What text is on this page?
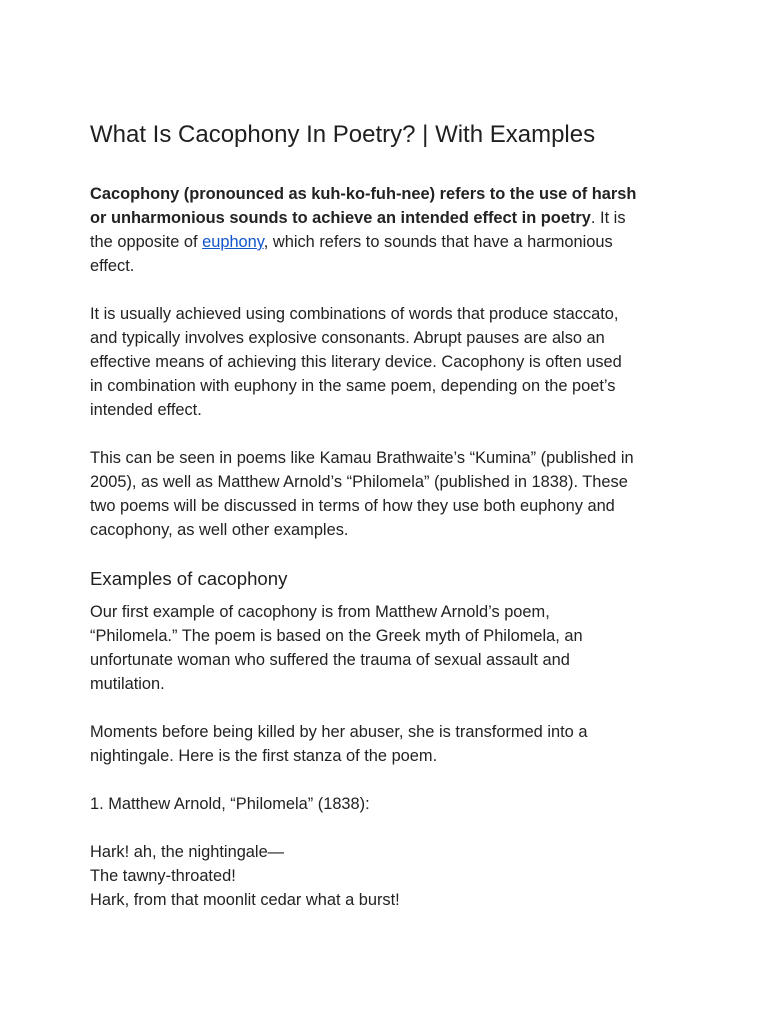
What Is Cacophony In Poetry? | With Examples

Cacophony (pronounced as kuh-ko-fuh-nee) refers to the use of harsh
or unharmonious sounds to achieve an intended effect in poetry. It is
the opposite of euphony, which refers to sounds that have a harmonious
effect.

It is usually achieved using combinations of words that produce staccato,
and typically involves explosive consonants. Abrupt pauses are also an
effective means of achieving this literary device. Cacophony is often used
in combination with euphony in the same poem, depending on the poet’s
intended effect.

This can be seen in poems like Kamau Brathwaite’s “Kumina” (published in
2005), as well as Matthew Arnold’s “Philomela” (published in 1838). These
two poems will be discussed in terms of how they use both euphony and
cacophony, as well other examples.

Examples of cacophony

Our first example of cacophony is from Matthew Arnold’s poem,
“Philomela.” The poem is based on the Greek myth of Philomela, an
unfortunate woman who suffered the trauma of sexual assault and
mutilation.

Moments before being killed by her abuser, she is transformed into a
nightingale. Here is the first stanza of the poem.

1. Matthew Arnold, “Philomela” (1838):

Hark! ah, the nightingale—
The tawny-throated!
Hark, from that moonlit cedar what a burst!
